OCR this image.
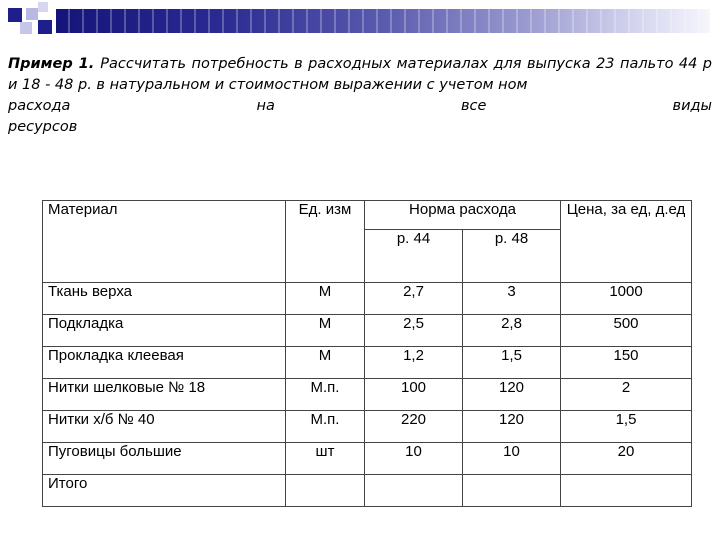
Пример 1. Рассчитать потребность в расходных материалах для выпуска 23 пальто 44 р и 18 - 48 р. в натуральном и стоимостном выражении с учетом ном
расхода	на	все	виды
ресурсов
Материал	Ед. изм	Норма расхода		Цена, за ед, д.ед
		р. 44	р. 48	
Ткань верха	М	2,7	3	1000
Подкладка	М	2,5	2,8	500
Прокладка клеевая	М	1,2	1,5	150
Нитки шелковые № 18	М.п.	100	120	2
Нитки х/б № 40	М.п.	220	120	1,5
Пуговицы большие	шт	10	10	20
Итого				
